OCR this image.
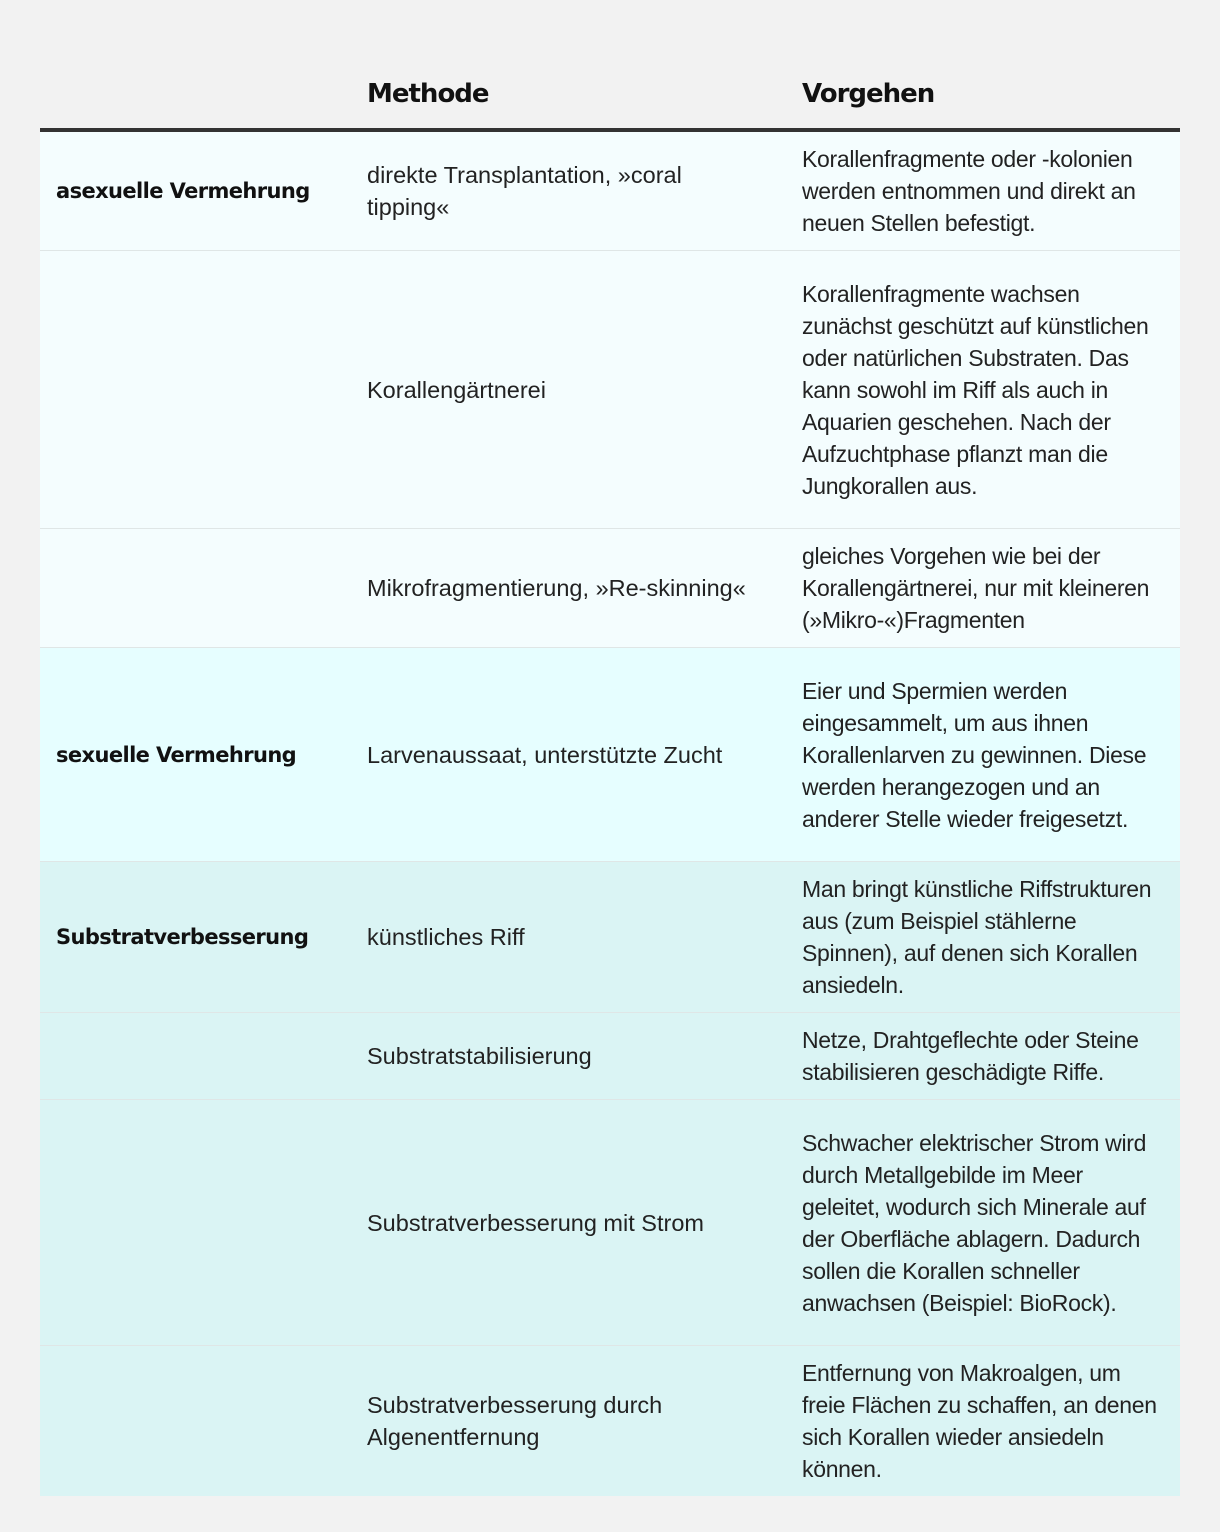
	Methode	Vorgehen
asexuelle Vermehrung	direkte Transplantation, »coral tipping«	Korallenfragmente oder -kolonien werden entnommen und direkt an neuen Stellen befestigt.
	Korallengärtnerei	Korallenfragmente wachsen zunächst geschützt auf künstlichen oder natürlichen Substraten. Das kann sowohl im Riff als auch in Aquarien geschehen. Nach der Aufzuchtphase pflanzt man die Jungkorallen aus.
	Mikrofragmentierung, »Re-skinning«	gleiches Vorgehen wie bei der Korallengärtnerei, nur mit kleineren (»Mikro-«)Fragmenten
sexuelle Vermehrung	Larvenaussaat, unterstützte Zucht	Eier und Spermien werden eingesammelt, um aus ihnen Korallenlarven zu gewinnen. Diese werden herangezogen und an anderer Stelle wieder freigesetzt.
Substratverbesserung	künstliches Riff	Man bringt künstliche Riffstrukturen aus (zum Beispiel stählerne Spinnen), auf denen sich Korallen ansiedeln.
	Substratstabilisierung	Netze, Drahtgeflechte oder Steine stabilisieren geschädigte Riffe.
	Substratverbesserung mit Strom	Schwacher elektrischer Strom wird durch Metallgebilde im Meer geleitet, wodurch sich Minerale auf der Oberfläche ablagern. Dadurch sollen die Korallen schneller anwachsen (Beispiel: BioRock).
	Substratverbesserung durch Algenentfernung	Entfernung von Makroalgen, um freie Flächen zu schaffen, an denen sich Korallen wieder ansiedeln können.
